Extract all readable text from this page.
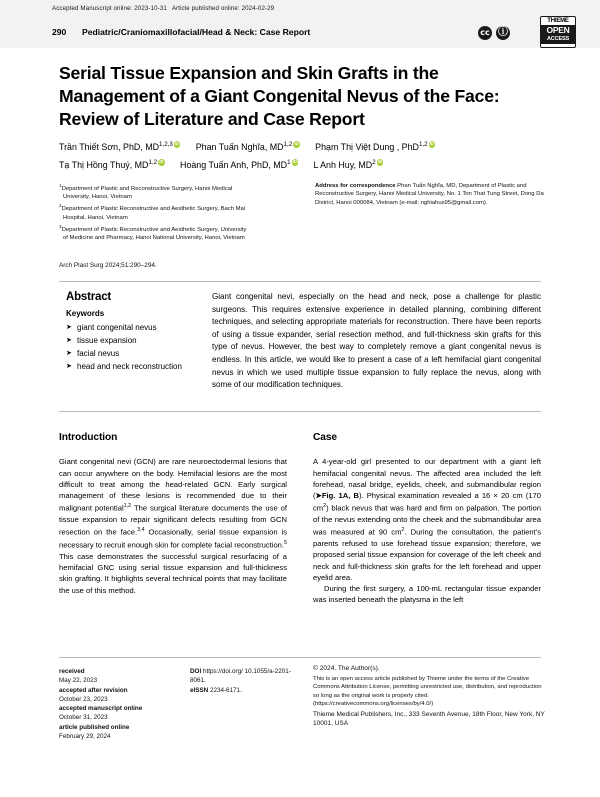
Accepted Manuscript online: 2023-10-31 Article published online: 2024-02-29
290 Pediatric/Craniomaxillofacial/Head & Neck: Case Report	cc ⓘ
THIEME
OPEN
ACCESS
Serial Tissue Expansion and Skin Grafts in the Management of a Giant Congenital Nevus of the Face: Review of Literature and Case Report
Trần Thiết Sơn, PhD, MD$^{1,2,3}$ iD	Phan Tuấn Nghĩa, MD$^{1,2}$ iD	Phạm Thị Việt Dung , PhD$^{1,2}$iD
Tạ Thị Hồng Thuý, MD$^{1,2}$ iD	Hoàng Tuấn Anh, PhD, $MD^1$ iD	L Anh Huy, $MD^2iD$
$^1$Department of Plastic and Reconstructive Surgery, Hanoi Medical University, Hanoi, Vietnam
$^2$Department of Plastic Reconstructive and Aesthetic Surgery, Bach Mai Hospital, Hanoi, Vietnam
$^3$Department of Plastic Reconstructive and Aesthetic Surgery, University of Medicine and Pharmacy, Hanoi National University, Hanoi, Vietnam
Address for correspondence Phan Tuấn Nghĩa, MD, Department of Plastic and Reconstructive Surgery, Hanoi Medical University, No. 1 Ton That Tung Street, Dong Da District, Hanoi 000084, Vietnam (e-mail: nghiahus95@gmail.com).
Arch Plast Surg 2024;51:290–294.
Abstract
Keywords
➤ giant congenital nevus
➤ tissue expansion
➤ facial nevus
➤ head and neck reconstruction
Giant congenital nevi, especially on the head and neck, pose a challenge for plastic surgeons. This requires extensive experience in detailed planning, combining different techniques, and selecting appropriate materials for reconstruction. There have been reports of using a tissue expander, serial resection method, and full-thickness skin grafts for this type of nevus. However, the best way to completely remove a giant congenital nevus is endless. In this article, we would like to present a case of a left hemifacial giant congenital nevus in which we used multiple tissue expansion to fully replace the nevus, along with some of our modification techniques.
Introduction

Giant congenital nevi (GCN) are rare neuroectodermal lesions that can occur anywhere on the body. Hemifacial lesions are the most difficult to treat among the head-related GCN. Early surgical management of these lesions is recommended due to their malignant potential$^{1,2}$ The surgical literature documents the use of tissue expansion to repair significant defects resulting from GCN resection on the face.$^{3,4}$ Occasionally, serial tissue expansion is necessary to recruit enough skin for complete facial reconstruction.$^5$ This case demonstrates the successful surgical resurfacing of a hemifacial GNC using serial tissue expansion and full-thickness skin grafting. It highlights several technical points that may facilitate the use of this method.

Case

A 4-year-old girl presented to our department with a giant left hemifacial congenital nevus. The affected area included the left forehead, nasal bridge, eyelids, cheek, and submandibular region (➤Fig. 1A, B). Physical examination revealed a 16 × 20 cm (170 $cm^2$) black nevus that was hard and firm on palpation. The portion of the nevus extending onto the cheek and the submandibular area was measured at 90 $cm^2$. During the consultation, the patient's parents refused to use forehead tissue expansion; therefore, we proposed serial tissue expansion for coverage of the left cheek and neck and full-thickness skin grafts for the left forehead and upper eyelid area.

During the first surgery, a 100-mL rectangular tissue expander was inserted beneath the platysma in the left

received
May 22, 2023
accepted after revision
October 23, 2023
accepted manuscript online
October 31, 2023
article published online
February 29, 2024
DOI https://doi.org/ 10.1055/a-2201-8061.
eISSN 2234-6171.
© 2024. The Author(s).
This is an open access article published by Thieme under the terms of the Creative Commons Attribution License, permitting unrestricted use, distribution, and reproduction so long as the original work is properly cited. (https://creativecommons.org/licenses/by/4.0/)
Thieme Medical Publishers, Inc., 333 Seventh Avenue, 18th Floor, New York, NY 10001, USA
